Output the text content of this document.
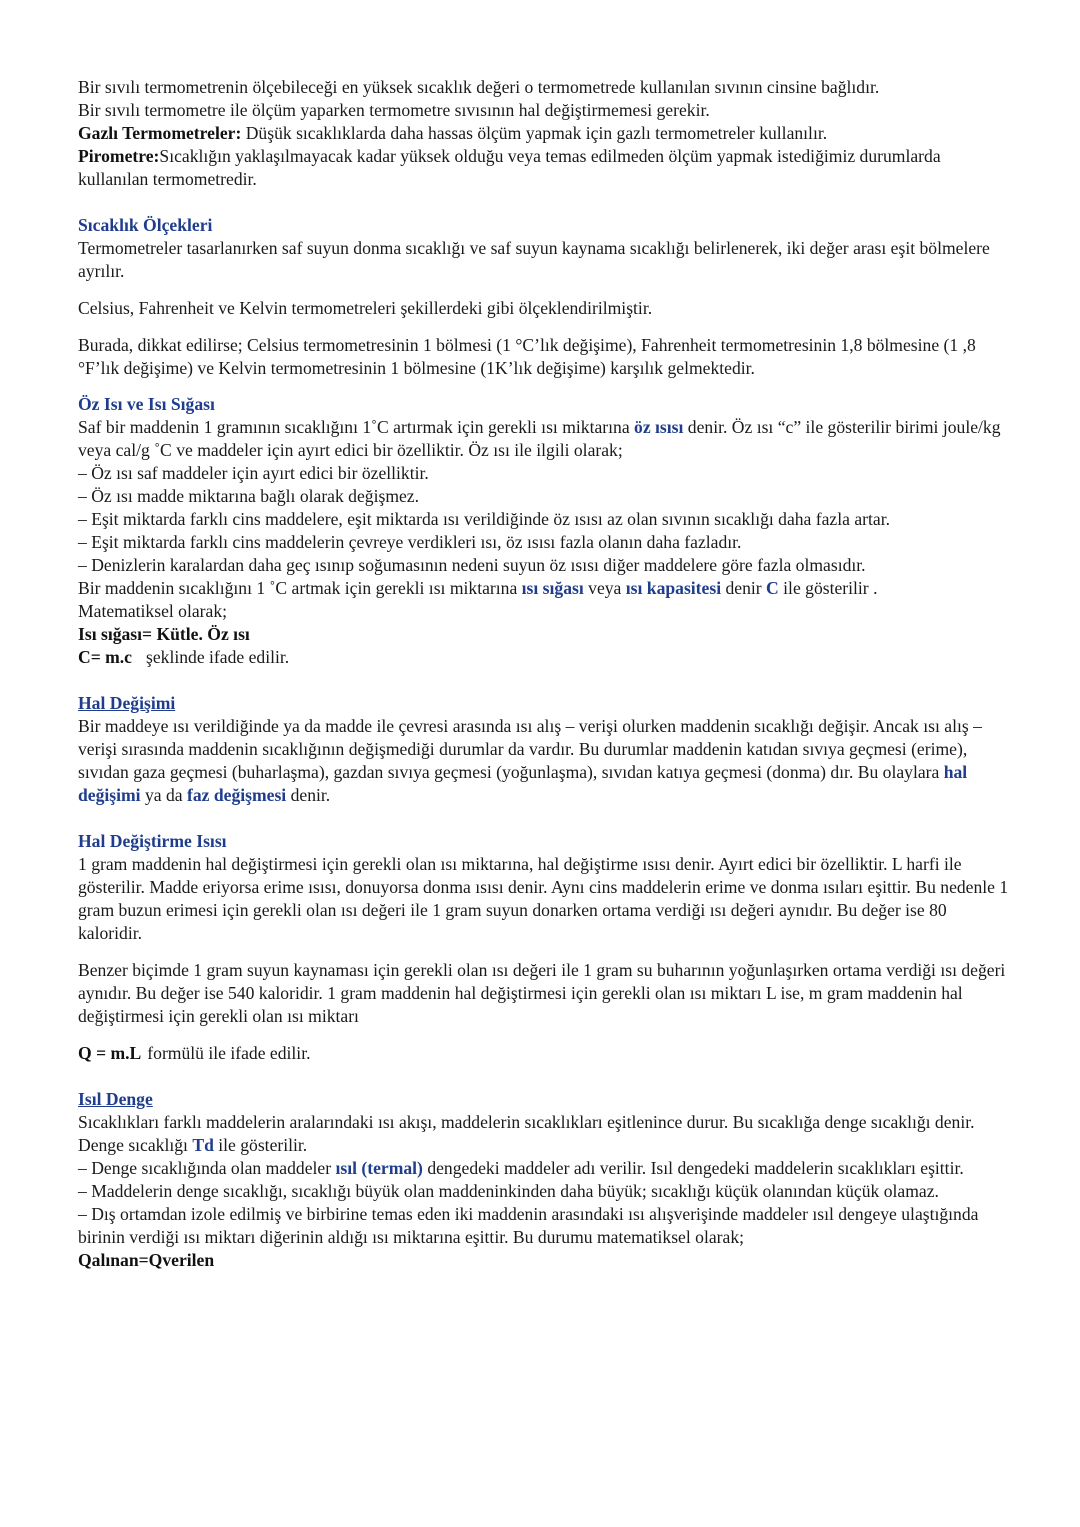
Bir sıvılı termometrenin ölçebileceği en yüksek sıcaklık değeri o termometrede kullanılan sıvının cinsine bağlıdır.

Bir sıvılı termometre ile ölçüm yaparken termometre sıvısının hal değiştirmemesi gerekir.

Gazlı Termometreler: Düşük sıcaklıklarda daha hassas ölçüm yapmak için gazlı termometreler kullanılır.

Pirometre:Sıcaklığın yaklaşılmayacak kadar yüksek olduğu veya temas edilmeden ölçüm yapmak istediğimiz durumlarda kullanılan termometredir.

Sıcaklık Ölçekleri

Termometreler tasarlanırken saf suyun donma sıcaklığı ve saf suyun kaynama sıcaklığı belirlenerek, iki değer arası eşit bölmelere ayrılır.

Celsius, Fahrenheit ve Kelvin termometreleri şekillerdeki gibi ölçeklendirilmiştir.

Burada, dikkat edilirse; Celsius termometresinin 1 bölmesi (1 °C’lık değişime), Fahrenheit termometresinin 1,8 bölmesine (1 ,8 °F’lık değişime) ve Kelvin termometresinin 1 bölmesine (1K’lık değişime) karşılık gelmektedir.

Öz Isı ve Isı Sığası

Saf bir maddenin 1 gramının sıcaklığını 1˚C artırmak için gerekli ısı miktarına öz ısısı denir. Öz ısı “c” ile gösterilir birimi joule/kg veya cal/g ˚C ve maddeler için ayırt edici bir özelliktir. Öz ısı ile ilgili olarak;

– Öz ısı saf maddeler için ayırt edici bir özelliktir.

– Öz ısı madde miktarına bağlı olarak değişmez.

– Eşit miktarda farklı cins maddelere, eşit miktarda ısı verildiğinde öz ısısı az olan sıvının sıcaklığı daha fazla artar.

– Eşit miktarda farklı cins maddelerin çevreye verdikleri ısı, öz ısısı fazla olanın daha fazladır.

– Denizlerin karalardan daha geç ısınıp soğumasının nedeni suyun öz ısısı diğer maddelere göre fazla olmasıdır.

Bir maddenin sıcaklığını 1 ˚C artmak için gerekli ısı miktarına ısı sığası veya ısı kapasitesi denir C ile gösterilir .

Matematiksel olarak;

Isı sığası= Kütle. Öz ısı

C= m.c şeklinde ifade edilir.

Hal Değişimi

Bir maddeye ısı verildiğinde ya da madde ile çevresi arasında ısı alış – verişi olurken maddenin sıcaklığı değişir. Ancak ısı alış – verişi sırasında maddenin sıcaklığının değişmediği durumlar da vardır. Bu durumlar maddenin katıdan sıvıya geçmesi (erime), sıvıdan gaza geçmesi (buharlaşma), gazdan sıvıya geçmesi (yoğunlaşma), sıvıdan katıya geçmesi (donma) dır. Bu olaylara hal değişimi ya da faz değişmesi denir.

Hal Değiştirme Isısı

1 gram maddenin hal değiştirmesi için gerekli olan ısı miktarına, hal değiştirme ısısı denir. Ayırt edici bir özelliktir. L harfi ile gösterilir. Madde eriyorsa erime ısısı, donuyorsa donma ısısı denir. Aynı cins maddelerin erime ve donma ısıları eşittir. Bu nedenle 1 gram buzun erimesi için gerekli olan ısı değeri ile 1 gram suyun donarken ortama verdiği ısı değeri aynıdır. Bu değer ise 80 kaloridir.

Benzer biçimde 1 gram suyun kaynaması için gerekli olan ısı değeri ile 1 gram su buharının yoğunlaşırken ortama verdiği ısı değeri aynıdır. Bu değer ise 540 kaloridir. 1 gram maddenin hal değiştirmesi için gerekli olan ısı miktarı L ise, m gram maddenin hal değiştirmesi için gerekli olan ısı miktarı

Q = m.L formülü ile ifade edilir.

Isıl Denge

Sıcaklıkları farklı maddelerin aralarındaki ısı akışı, maddelerin sıcaklıkları eşitlenince durur. Bu sıcaklığa denge sıcaklığı denir. Denge sıcaklığı Td ile gösterilir.

– Denge sıcaklığında olan maddeler ısıl (termal) dengedeki maddeler adı verilir. Isıl dengedeki maddelerin sıcaklıkları eşittir.

– Maddelerin denge sıcaklığı, sıcaklığı büyük olan maddeninkinden daha büyük; sıcaklığı küçük olanından küçük olamaz.

– Dış ortamdan izole edilmiş ve birbirine temas eden iki maddenin arasındaki ısı alışverişinde maddeler ısıl dengeye ulaştığında birinin verdiği ısı miktarı diğerinin aldığı ısı miktarına eşittir. Bu durumu matematiksel olarak;

Qalınan=Qverilen
